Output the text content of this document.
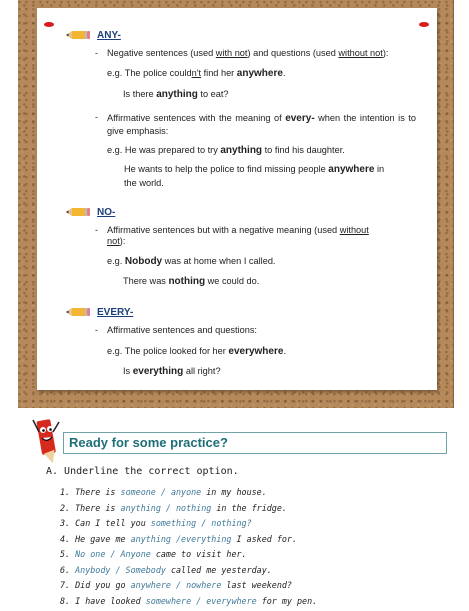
ANY-
- Negative sentences (used with not) and questions (used without not):
e.g. The police couldn't find her anywhere.
Is there anything to eat?
- Affirmative sentences with the meaning of every- when the intention is to give emphasis:
e.g. He was prepared to try anything to find his daughter.
He wants to help the police to find missing people anywhere in
the world.
NO-
- Affirmative sentences but with a negative meaning (used without
not):
e.g. Nobody was at home when I called.
There was nothing we could do.
EVERY-
- Affirmative sentences and questions:
e.g. The police looked for her everywhere.
Is everything all right?
Ready for some practice?
A. Underline the correct option.
1. There is someone / anyone in my house.
2. There is anything / nothing in the fridge.
3. Can I tell you something / nothing?
4. He gave me anything /everything I asked for.
5. No one / Anyone came to visit her.
6. Anybody / Somebody called me yesterday.
7. Did you go anywhere / nowhere last weekend?
8. I have looked somewhere / everywhere for my pen.
